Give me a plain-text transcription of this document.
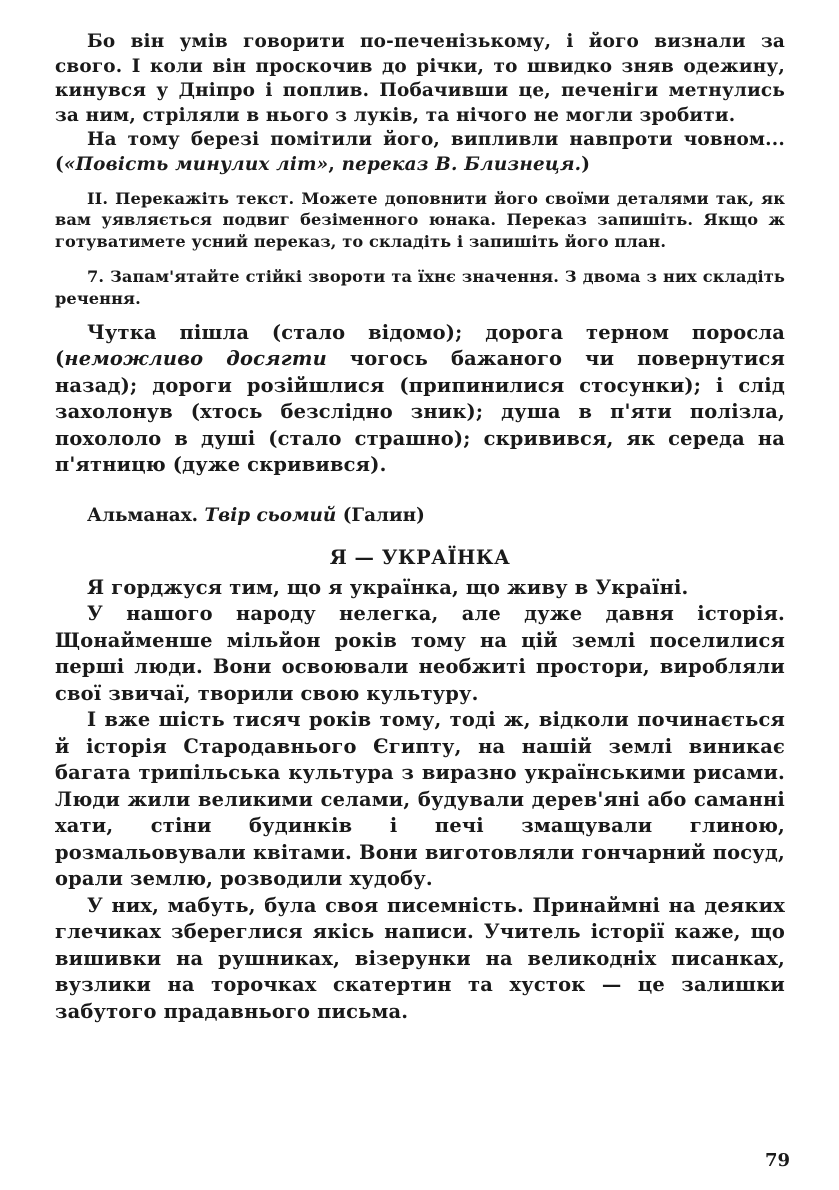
Бо він умів говорити по-печенізькому, і його визнали за свого. І коли він проскочив до річки, то швидко зняв одежину, кинувся у Дніпро і поплив. Побачивши це, печеніги метнулись за ним, стріляли в нього з луків, та нічого не могли зробити.

На тому березі помітили його, випливли навпроти човном... («Повість минулих літ», переказ В. Близнеця.)

II. Перекажіть текст. Можете доповнити його своїми деталями так, як вам уявляється подвиг безіменного юнака. Переказ запишіть. Якщо ж готуватимете усний переказ, то складіть і запишіть його план.

7. Запам'ятайте стійкі звороти та їхнє значення. З двома з них складіть речення.

Чутка пішла (стало відомо); дорога терном поросла (неможливо досягти чогось бажаного чи повернутися назад); дороги розійшлися (припинилися стосунки); і слід захолонув (хтось безслідно зник); душа в п'яти полізла, похололо в душі (стало страшно); скривився, як середа на п'ятницю (дуже скривився).

Альманах. Твір сьомий (Галин)
Я — УКРАЇНКА

Я горджуся тим, що я українка, що живу в Україні.

У нашого народу нелегка, але дуже давня історія. Щонайменше мільйон років тому на цій землі поселилися перші люди. Вони освоювали необжиті простори, виробляли свої звичаї, творили свою культуру.

І вже шість тисяч років тому, тоді ж, відколи починається й історія Стародавнього Єгипту, на нашій землі виникає багата трипільська культура з виразно українськими рисами. Люди жили великими селами, будували дерев'яні або саманні хати, стіни будинків і печі змащували глиною, розмальовували квітами. Вони виготовляли гончарний посуд, орали землю, розводили худобу.

У них, мабуть, була своя писемність. Принаймні на деяких глечиках збереглися якісь написи. Учитель історії каже, що вишивки на рушниках, візерунки на великодніх писанках, вузлики на торочках скатертин та хусток — це залишки забутого прадавнього письма.

79
